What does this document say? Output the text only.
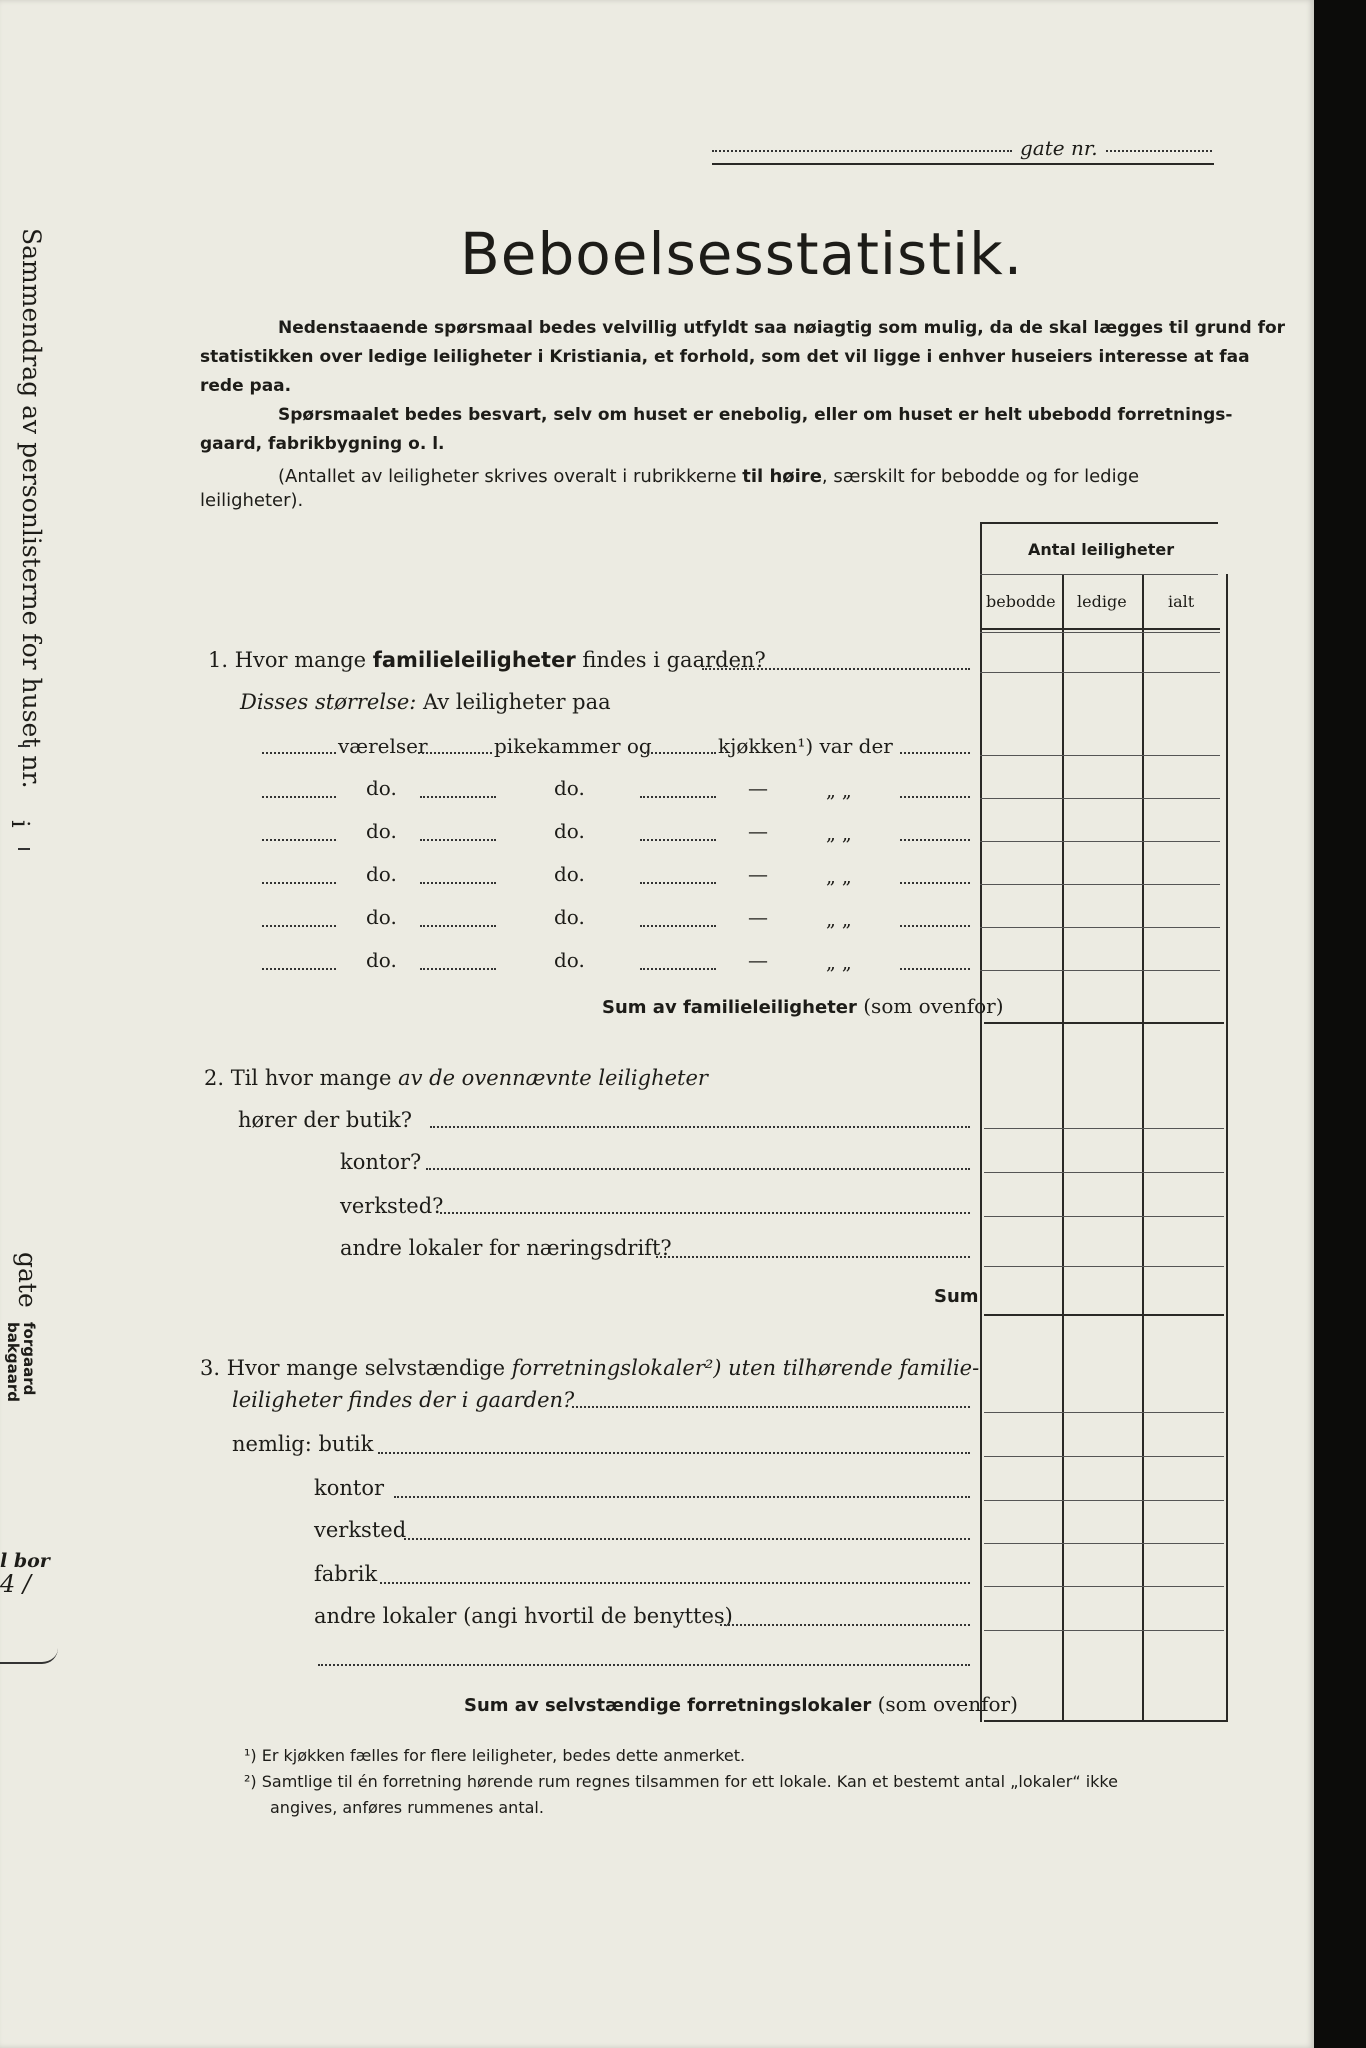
Sammendrag av personlisterne for huset nr.
i
gate
forgaard
bakgaard
l bor
4 /
gate nr.
Beboelsesstatistik.
Nedenstaaende spørsmaal bedes velvillig utfyldt saa nøiagtig som mulig, da de skal lægges til grund for
statistikken over ledige leiligheter i Kristiania, et forhold, som det vil ligge i enhver huseiers interesse at faa
rede paa.
Spørsmaalet bedes besvart, selv om huset er enebolig, eller om huset er helt ubebodd forretnings-
gaard, fabrikbygning o. l.
(Antallet av leiligheter skrives overalt i rubrikkerne til høire, særskilt for bebodde og for ledige
leiligheter).
Antal leiligheter
bebodde ledige	ialt
1. Hvor mange familieleiligheter findes i gaarden?
Disses størrelse: Av leiligheter paa
værelser	pikekammer og	kjøkken¹) var der
do.	do.	—	„ „
do.	do.	—	„ „
do.	do.	—	„ „
do.	do.	—	„ „
do.	do.	—	„ „
Sum av familieleiligheter (som ovenfor)
2. Til hvor mange av de ovennævnte leiligheter
hører der butik?
kontor?
verksted?
andre lokaler for næringsdrift?
Sum
3. Hvor mange selvstændige forretningslokaler²) uten tilhørende familie-
leiligheter findes der i gaarden?
nemlig: butik
kontor
verksted
fabrik
andre lokaler (angi hvortil de benyttes)
Sum av selvstændige forretningslokaler (som ovenfor)
¹) Er kjøkken fælles for flere leiligheter, bedes dette anmerket.
²) Samtlige til én forretning hørende rum regnes tilsammen for ett lokale. Kan et bestemt antal „lokaler“ ikke
angives, anføres rummenes antal.
